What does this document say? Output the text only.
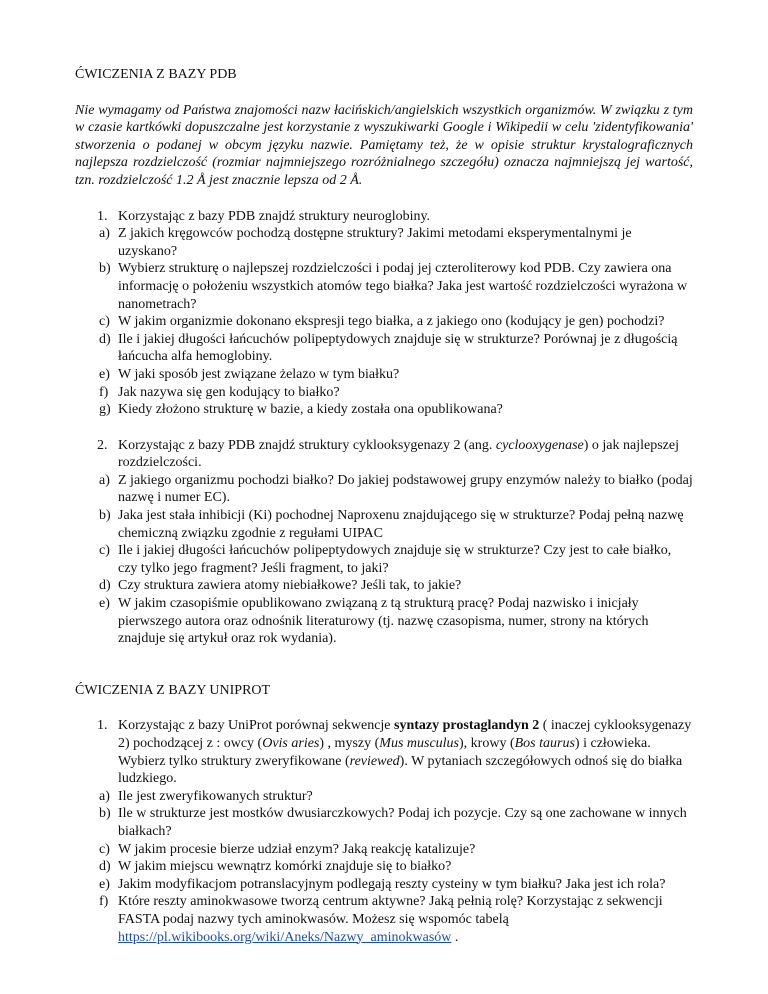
ĆWICZENIA Z BAZY PDB

Nie wymagamy od Państwa znajomości nazw łacińskich/angielskich wszystkich organizmów. W związku z tym w czasie kartkówki dopuszczalne jest korzystanie z wyszukiwarki Google i Wikipedii w celu 'zidentyfikowania' stworzenia o podanej w obcym języku nazwie. Pamiętamy też, że w opisie struktur krystalograficznych najlepsza rozdzielczość (rozmiar najmniejszego rozróżnialnego szczegółu) oznacza najmniejszą jej wartość, tzn. rozdzielczość 1.2 Å jest znacznie lepsza od 2 Å.

1. Korzystając z bazy PDB znajdź struktury neuroglobiny.
a) Z jakich kręgowców pochodzą dostępne struktury? Jakimi metodami eksperymentalnymi je uzyskano?
b) Wybierz strukturę o najlepszej rozdzielczości i podaj jej czteroliterowy kod PDB. Czy zawiera ona informację o położeniu wszystkich atomów tego białka? Jaka jest wartość rozdzielczości wyrażona w nanometrach?
c) W jakim organizmie dokonano ekspresji tego białka, a z jakiego ono (kodujący je gen) pochodzi?
d) Ile i jakiej długości łańcuchów polipeptydowych znajduje się w strukturze? Porównaj je z długością łańcucha alfa hemoglobiny.
e) W jaki sposób jest związane żelazo w tym białku?
f) Jak nazywa się gen kodujący to białko?
g) Kiedy złożono strukturę w bazie, a kiedy została ona opublikowana?
2. Korzystając z bazy PDB znajdź struktury cyklooksygenazy 2 (ang. cyclooxygenase) o jak najlepszej rozdzielczości.
a) Z jakiego organizmu pochodzi białko? Do jakiej podstawowej grupy enzymów należy to białko (podaj nazwę i numer EC).
b) Jaka jest stała inhibicji (Ki) pochodnej Naproxenu znajdującego się w strukturze? Podaj pełną nazwę chemiczną związku zgodnie z regułami UIPAC
c) Ile i jakiej długości łańcuchów polipeptydowych znajduje się w strukturze? Czy jest to całe białko, czy tylko jego fragment? Jeśli fragment, to jaki?
d) Czy struktura zawiera atomy niebiałkowe? Jeśli tak, to jakie?
e) W jakim czasopiśmie opublikowano związaną z tą strukturą pracę? Podaj nazwisko i inicjały pierwszego autora oraz odnośnik literaturowy (tj. nazwę czasopisma, numer, strony na których znajduje się artykuł oraz rok wydania).
ĆWICZENIA Z BAZY UNIPROT
1. Korzystając z bazy UniProt porównaj sekwencje syntazy prostaglandyn 2 ( inaczej cyklooksygenazy 2) pochodzącej z : owcy (Ovis aries) , myszy (Mus musculus), krowy (Bos taurus) i człowieka. Wybierz tylko struktury zweryfikowane (reviewed). W pytaniach szczegółowych odnoś się do białka ludzkiego.
a) Ile jest zweryfikowanych struktur?
b) Ile w strukturze jest mostków dwusiarczkowych? Podaj ich pozycje. Czy są one zachowane w innych białkach?
c) W jakim procesie bierze udział enzym? Jaką reakcję katalizuje?
d) W jakim miejscu wewnątrz komórki znajduje się to białko?
e) Jakim modyfikacjom potranslacyjnym podlegają reszty cysteiny w tym białku? Jaka jest ich rola?
f) Które reszty aminokwasowe tworzą centrum aktywne? Jaką pełnią rolę? Korzystając z sekwencji FASTA podaj nazwy tych aminokwasów. Możesz się wspomóc tabelą https://pl.wikibooks.org/wiki/Aneks/Nazwy_aminokwasów .
